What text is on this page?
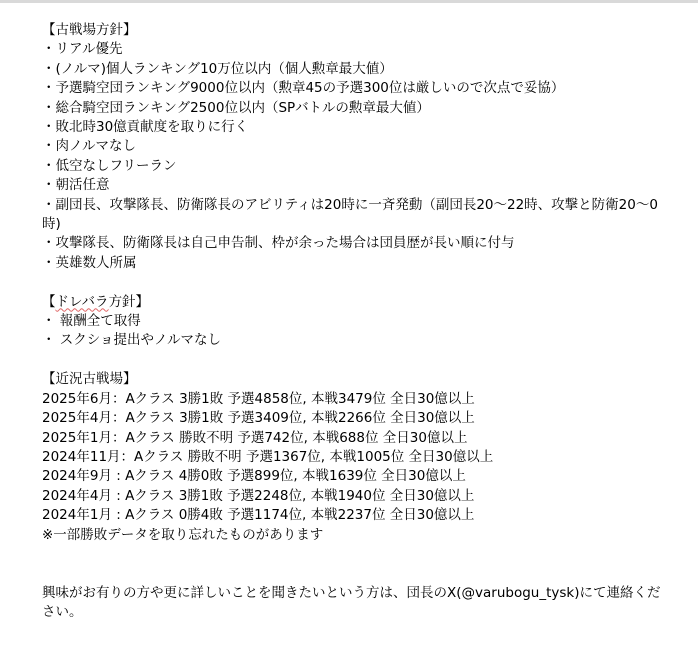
【古戦場方針】
・リアル優先
・(ノルマ)個人ランキング10万位以内（個人勲章最大値）
・予選騎空団ランキング9000位以内（勲章45の予選300位は厳しいので次点で妥協）
・総合騎空団ランキング2500位以内（SPバトルの勲章最大値）
・敗北時30億貢献度を取りに行く
・肉ノルマなし
・低空なしフリーラン
・朝活任意
・副団長、攻撃隊長、防衛隊長のアビリティは20時に一斉発動（副団長20～22時、攻撃と防衛20～0時)
・攻撃隊長、防衛隊長は自己申告制、枠が余った場合は団員歴が長い順に付与
・英雄数人所属
【ドレバラ方針】
・ 報酬全て取得
・ スクショ提出やノルマなし
【近況古戦場】
2025年6月：Aクラス 3勝1敗 予選4858位, 本戦3479位 全日30億以上
2025年4月：Aクラス 3勝1敗 予選3409位, 本戦2266位 全日30億以上
2025年1月：Aクラス 勝敗不明 予選742位, 本戦688位 全日30億以上
2024年11月：Aクラス 勝敗不明 予選1367位, 本戦1005位 全日30億以上
2024年9月 : Aクラス 4勝0敗 予選899位, 本戦1639位 全日30億以上
2024年4月 : Aクラス 3勝1敗 予選2248位, 本戦1940位 全日30億以上
2024年1月 : Aクラス 0勝4敗 予選1174位, 本戦2237位 全日30億以上
※一部勝敗データを取り忘れたものがあります
興味がお有りの方や更に詳しいことを聞きたいという方は、団長のX(@varubogu_tysk)にて連絡ください。
